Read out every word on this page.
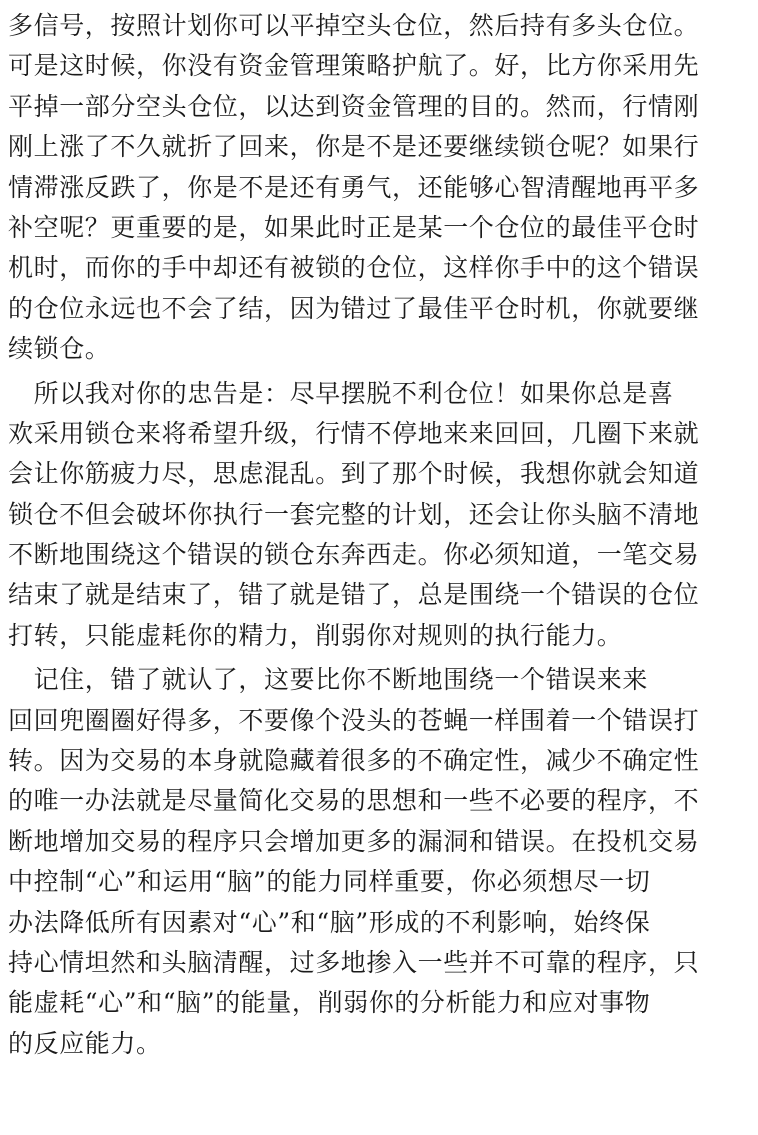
多信号，按照计划你可以平掉空头仓位，然后持有多头仓位。
可是这时候，你没有资金管理策略护航了。好，比方你采用先
平掉一部分空头仓位，以达到资金管理的目的。然而，行情刚
刚上涨了不久就折了回来，你是不是还要继续锁仓呢？如果行
情滞涨反跌了，你是不是还有勇气，还能够心智清醒地再平多
补空呢？更重要的是，如果此时正是某一个仓位的最佳平仓时
机时，而你的手中却还有被锁的仓位，这样你手中的这个错误
的仓位永远也不会了结，因为错过了最佳平仓时机，你就要继
续锁仓。
　所以我对你的忠告是：尽早摆脱不利仓位！如果你总是喜
欢采用锁仓来将希望升级，行情不停地来来回回，几圈下来就
会让你筋疲力尽，思虑混乱。到了那个时候，我想你就会知道
锁仓不但会破坏你执行一套完整的计划，还会让你头脑不清地
不断地围绕这个错误的锁仓东奔西走。你必须知道，一笔交易
结束了就是结束了，错了就是错了，总是围绕一个错误的仓位
打转，只能虚耗你的精力，削弱你对规则的执行能力。
　记住，错了就认了，这要比你不断地围绕一个错误来来
回回兜圈圈好得多，不要像个没头的苍蝇一样围着一个错误打
转。因为交易的本身就隐藏着很多的不确定性，减少不确定性
的唯一办法就是尽量简化交易的思想和一些不必要的程序，不
断地增加交易的程序只会增加更多的漏洞和错误。在投机交易
中控制“心”和运用“脑”的能力同样重要，你必须想尽一切
办法降低所有因素对“心”和“脑”形成的不利影响，始终保
持心情坦然和头脑清醒，过多地掺入一些并不可靠的程序，只
能虚耗“心”和“脑”的能量，削弱你的分析能力和应对事物
的反应能力。
